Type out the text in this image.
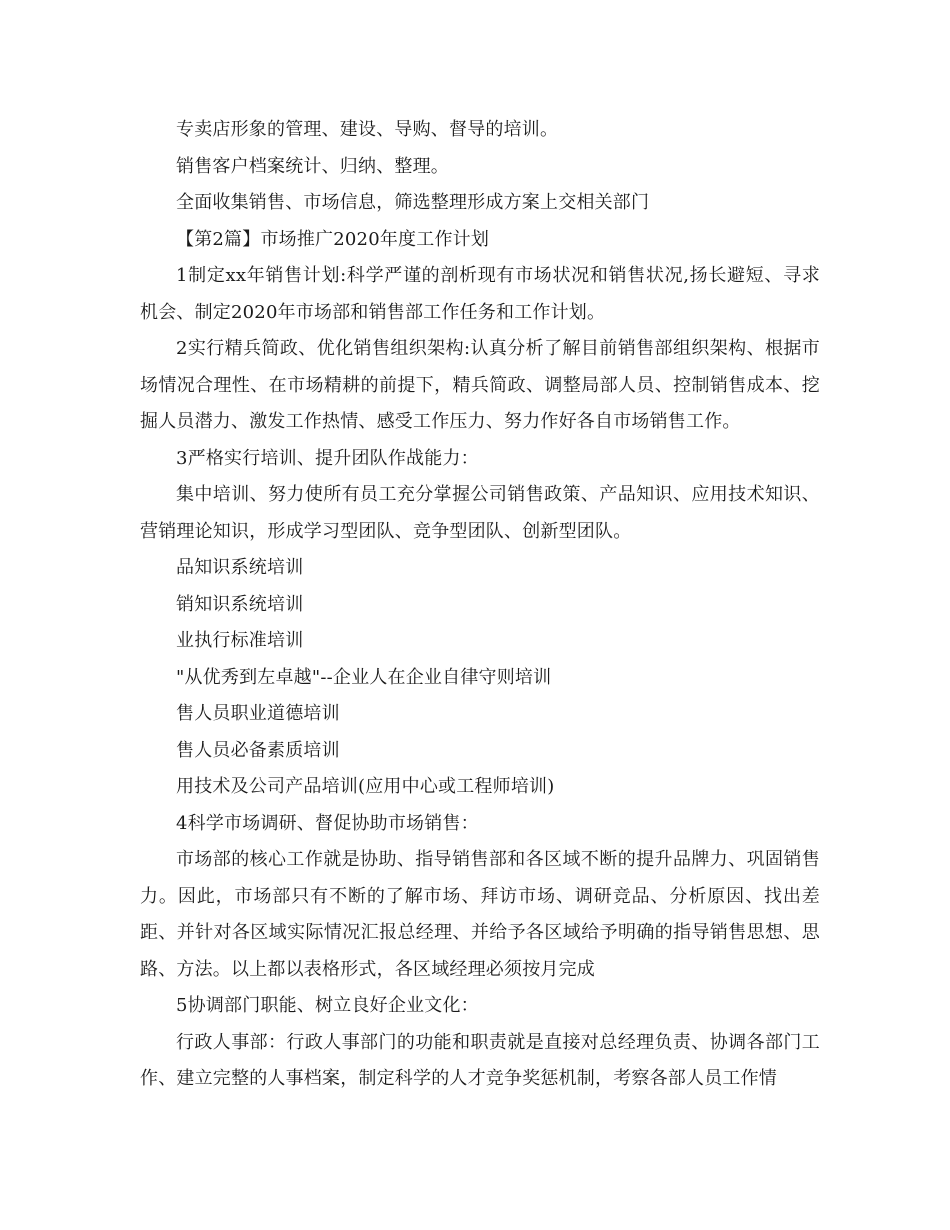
专卖店形象的管理、建设、导购、督导的培训。

销售客户档案统计、归纳、整理。

全面收集销售、市场信息，筛选整理形成方案上交相关部门

【第2篇】市场推广2020年度工作计划

1制定xx年销售计划:科学严谨的剖析现有市场状况和销售状况,扬长避短、寻求机会、制定2020年市场部和销售部工作任务和工作计划。

2实行精兵简政、优化销售组织架构:认真分析了解目前销售部组织架构、根据市场情况合理性、在市场精耕的前提下，精兵简政、调整局部人员、控制销售成本、挖掘人员潜力、激发工作热情、感受工作压力、努力作好各自市场销售工作。

3严格实行培训、提升团队作战能力：

集中培训、努力使所有员工充分掌握公司销售政策、产品知识、应用技术知识、营销理论知识，形成学习型团队、竞争型团队、创新型团队。

品知识系统培训

销知识系统培训

业执行标准培训

"从优秀到左卓越"--企业人在企业自律守则培训

售人员职业道德培训

售人员必备素质培训

用技术及公司产品培训(应用中心或工程师培训)

4科学市场调研、督促协助市场销售：

市场部的核心工作就是协助、指导销售部和各区域不断的提升品牌力、巩固销售力。因此，市场部只有不断的了解市场、拜访市场、调研竞品、分析原因、找出差距、并针对各区域实际情况汇报总经理、并给予各区域给予明确的指导销售思想、思路、方法。以上都以表格形式，各区域经理必须按月完成

5协调部门职能、树立良好企业文化：

行政人事部：行政人事部门的功能和职责就是直接对总经理负责、协调各部门工作、建立完整的人事档案，制定科学的人才竞争奖惩机制，考察各部人员工作情
